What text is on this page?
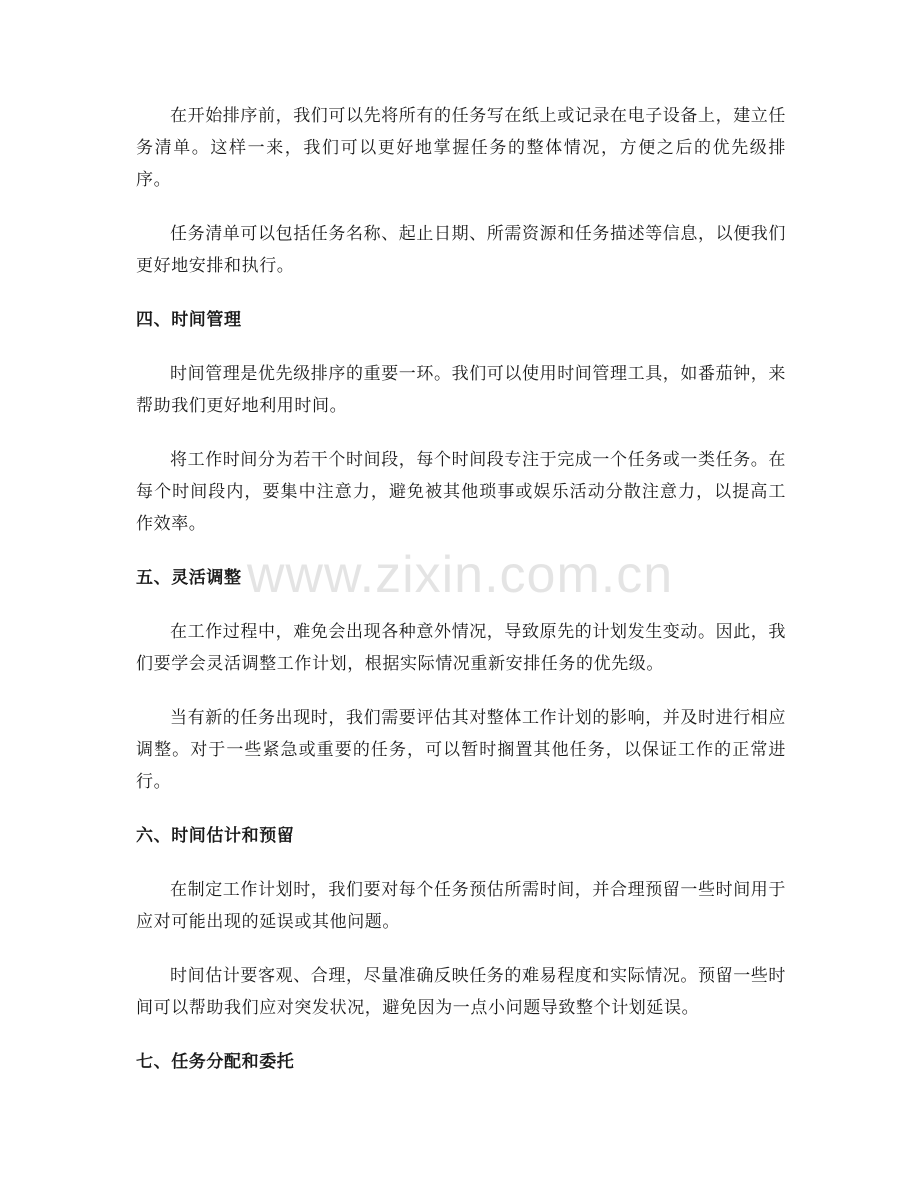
在开始排序前，我们可以先将所有的任务写在纸上或记录在电子设备上，建立任务清单。这样一来，我们可以更好地掌握任务的整体情况，方便之后的优先级排序。

任务清单可以包括任务名称、起止日期、所需资源和任务描述等信息，以便我们更好地安排和执行。

四、时间管理

时间管理是优先级排序的重要一环。我们可以使用时间管理工具，如番茄钟，来帮助我们更好地利用时间。

将工作时间分为若干个时间段，每个时间段专注于完成一个任务或一类任务。在每个时间段内，要集中注意力，避免被其他琐事或娱乐活动分散注意力，以提高工作效率。

五、灵活调整

在工作过程中，难免会出现各种意外情况，导致原先的计划发生变动。因此，我们要学会灵活调整工作计划，根据实际情况重新安排任务的优先级。

当有新的任务出现时，我们需要评估其对整体工作计划的影响，并及时进行相应调整。对于一些紧急或重要的任务，可以暂时搁置其他任务，以保证工作的正常进行。

六、时间估计和预留

在制定工作计划时，我们要对每个任务预估所需时间，并合理预留一些时间用于应对可能出现的延误或其他问题。

时间估计要客观、合理，尽量准确反映任务的难易程度和实际情况。预留一些时间可以帮助我们应对突发状况，避免因为一点小问题导致整个计划延误。

七、任务分配和委托
www.zixin.com.cn
